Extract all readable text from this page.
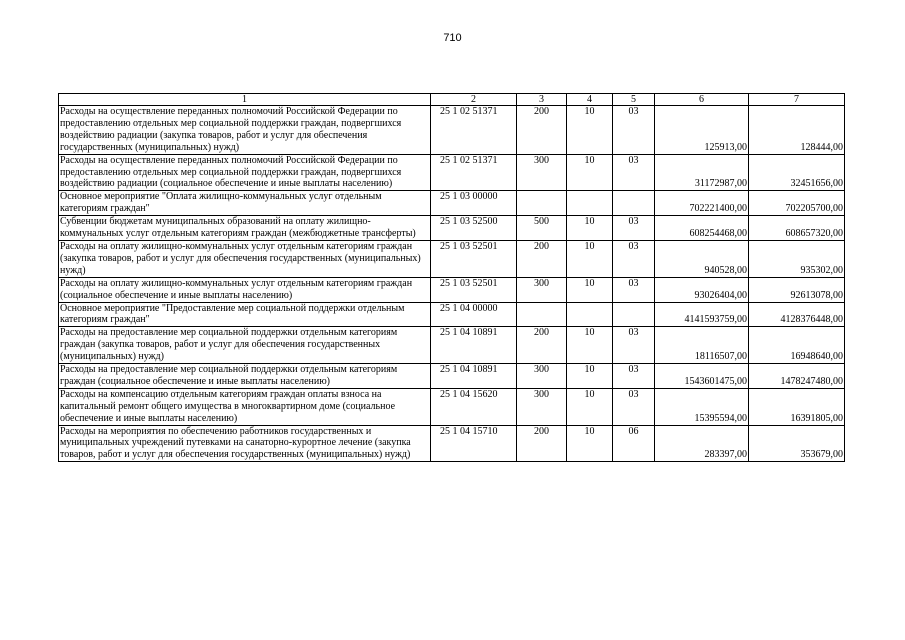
710
1	2	3	4	5	6	7
Расходы на осуществление переданных полномочий Российской Федерации по предоставлению отдельных мер социальной поддержки граждан, подвергшихся воздействию радиации (закупка товаров, работ и услуг для обеспечения государственных (муниципальных) нужд)	25 1 02 51371	200	10	03	125913,00	128444,00
Расходы на осуществление переданных полномочий Российской Федерации по предоставлению отдельных мер социальной поддержки граждан, подвергшихся воздействию радиации (социальное обеспечение и иные выплаты населению)	25 1 02 51371	300	10	03	31172987,00	32451656,00
Основное мероприятие "Оплата жилищно-коммунальных услуг отдельным категориям граждан"	25 1 03 00000				702221400,00	702205700,00
Субвенции бюджетам муниципальных образований на оплату жилищно-коммунальных услуг отдельным категориям граждан (межбюджетные трансферты)	25 1 03 52500	500	10	03	608254468,00	608657320,00
Расходы на оплату жилищно-коммунальных услуг отдельным категориям граждан (закупка товаров, работ и услуг для обеспечения государственных (муниципальных) нужд)	25 1 03 52501	200	10	03	940528,00	935302,00
Расходы на оплату жилищно-коммунальных услуг отдельным категориям граждан (социальное обеспечение и иные выплаты населению)	25 1 03 52501	300	10	03	93026404,00	92613078,00
Основное мероприятие "Предоставление мер социальной поддержки отдельным категориям граждан"	25 1 04 00000				4141593759,00	4128376448,00
Расходы на предоставление мер социальной поддержки отдельным категориям граждан (закупка товаров, работ и услуг для обеспечения государственных (муниципальных) нужд)	25 1 04 10891	200	10	03	18116507,00	16948640,00
Расходы на предоставление мер социальной поддержки отдельным категориям граждан (социальное обеспечение и иные выплаты населению)	25 1 04 10891	300	10	03	1543601475,00	1478247480,00
Расходы на компенсацию отдельным категориям граждан оплаты взноса на капитальный ремонт общего имущества в многоквартирном доме (социальное обеспечение и иные выплаты населению)	25 1 04 15620	300	10	03	15395594,00	16391805,00
Расходы на мероприятия по обеспечению работников государственных и муниципальных учреждений путевками на санаторно-курортное лечение (закупка товаров, работ и услуг для обеспечения государственных (муниципальных) нужд)	25 1 04 15710	200	10	06	283397,00	353679,00
